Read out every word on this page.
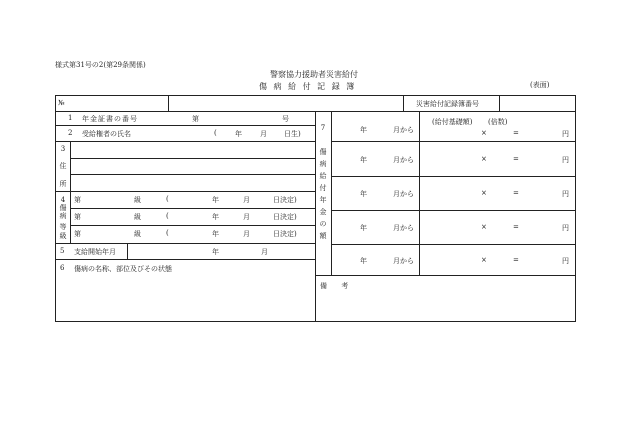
様式第31号の2(第29条関係)
警察協力援助者災害給付
傷 病 給 付 記 録 簿	(表面)
№	災害給付記録簿番号
1 年金証書の番号	第	号
2 受給権者の氏名	(	年	月 日生)
3
住
所
4
傷
病
等
級
第	級	(	年	月	日決定)
第	級	(	年	月	日決定)
第	級	(	年	月	日決定)
5 支給開始年月	年	月
6 傷病の名称、部位及びその状態
7
傷
病
給
付
年
金
の
額
(給付基礎額) (倍数)
年	月から	×	=	円
年	月から	×	=	円
年	月から	×	=	円
年	月から	×	=	円
年	月から	×	=	円
備 考
